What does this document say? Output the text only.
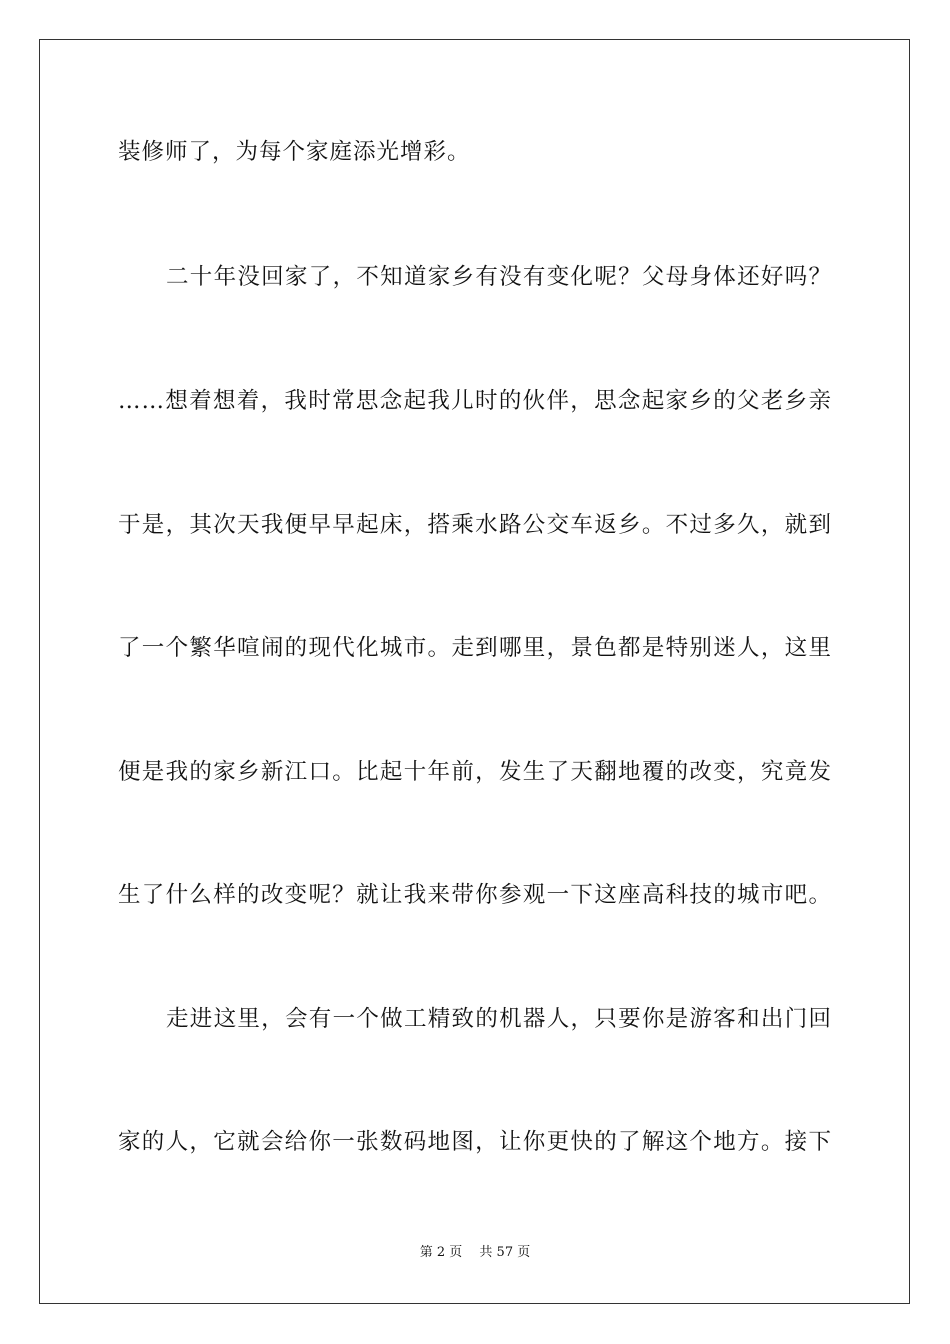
装修师了，为每个家庭添光增彩。
二十年没回家了，不知道家乡有没有变化呢？父母身体还好吗？
……想着想着，我时常思念起我儿时的伙伴，思念起家乡的父老乡亲
于是，其次天我便早早起床，搭乘水路公交车返乡。不过多久，就到
了一个繁华喧闹的现代化城市。走到哪里，景色都是特别迷人，这里
便是我的家乡新江口。比起十年前，发生了天翻地覆的改变，究竟发
生了什么样的改变呢？就让我来带你参观一下这座高科技的城市吧。
走进这里，会有一个做工精致的机器人，只要你是游客和出门回
家的人，它就会给你一张数码地图，让你更快的了解这个地方。接下
第 2 页　 共 57 页
